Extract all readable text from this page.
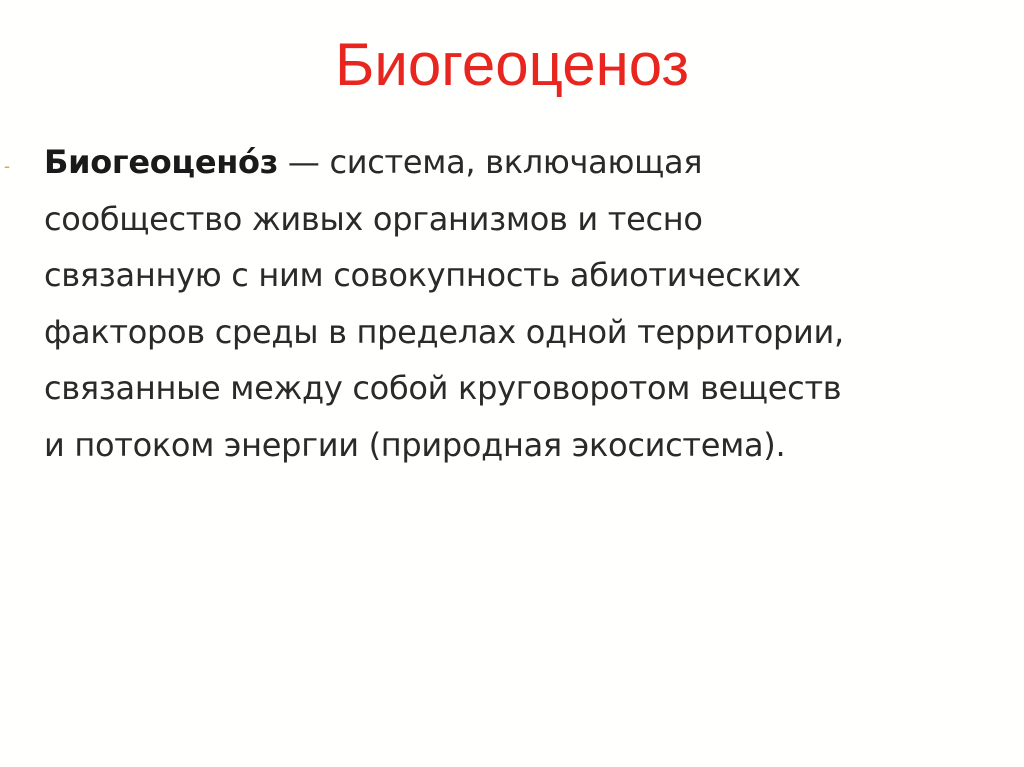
Биогеоценоз
- Биогеоцено́з — система, включающая
сообщество живых организмов и тесно
связанную с ним совокупность абиотических
факторов среды в пределах одной территории,
связанные между собой круговоротом веществ
и потоком энергии (природная экосистема).
